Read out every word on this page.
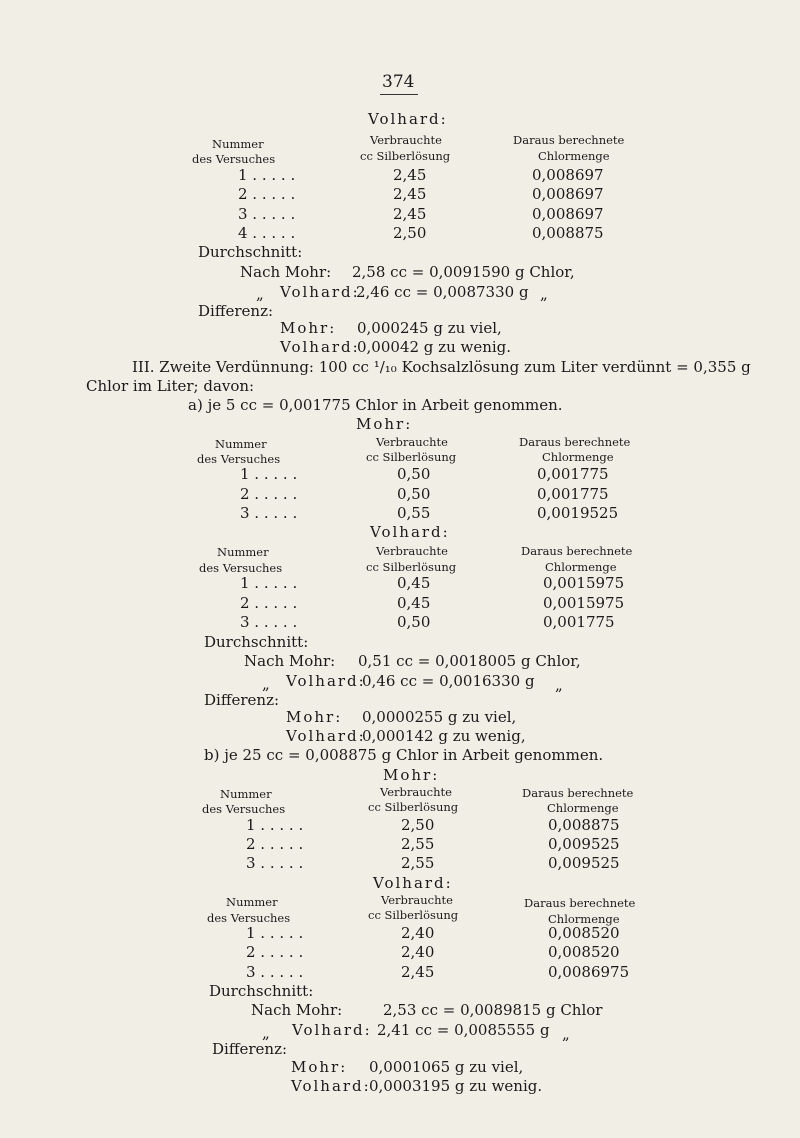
374
Volhard:
Nummer
des Versuches
Verbrauchte
cc Silberlösung
Daraus berechnete
Chlormenge
1 . . . . .	2,45	0,008697
2 . . . . .	2,45	0,008697
3 . . . . .	2,45	0,008697
4 . . . . .	2,50	0,008875
Durchschnitt:
Nach Mohr: 2,58 cc = 0,0091590 g Chlor,
„ Volhard:
2,46 cc = 0,0087330 g „
Differenz:
Mohr: 0,000245 g zu viel,
Volhard:
0,00042 g zu wenig.
III. Zweite Verdünnung: 100 cc ¹/₁₀ Kochsalzlösung zum Liter verdünnt = 0,355 g
Chlor im Liter; davon:
a) je 5 cc = 0,001775 Chlor in Arbeit genommen.
Mohr:
Nummer
des Versuches
Verbrauchte
cc Silberlösung
Daraus berechnete
Chlormenge
1 . . . . .	0,50	0,001775
2 . . . . .	0,50	0,001775
3 . . . . .	0,55	0,0019525
Volhard:
Nummer
des Versuches
Verbrauchte
cc Silberlösung
Daraus berechnete
Chlormenge
1 . . . . .	0,45	0,0015975
2 . . . . .	0,45	0,0015975
3 . . . . .	0,50	0,001775
Durchschnitt:
Nach Mohr: 0,51 cc = 0,0018005 g Chlor,
„ Volhard:
0,46 cc = 0,0016330 g „
Differenz:
Mohr: 0,0000255 g zu viel,
Volhard:
0,000142 g zu wenig,
b) je 25 cc = 0,008875 g Chlor in Arbeit genommen.
Mohr:
Nummer
des Versuches
Verbrauchte
cc Silberlösung
Daraus berechnete
Chlormenge
1 . . . . .	2,50	0,008875
2 . . . . .	2,55	0,009525
3 . . . . .	2,55	0,009525
Volhard:
Nummer
des Versuches
Verbrauchte
cc Silberlösung
Daraus berechnete
Chlormenge
1 . . . . .	2,40	0,008520
2 . . . . .	2,40	0,008520
3 . . . . .	2,45	0,0086975
Durchschnitt:
Nach Mohr:	2,53 cc = 0,0089815 g Chlor
„ Volhard: 2,41 cc = 0,0085555 g „
Differenz:
Mohr: 0,0001065 g zu viel,
Volhard:
0,0003195 g zu wenig.
